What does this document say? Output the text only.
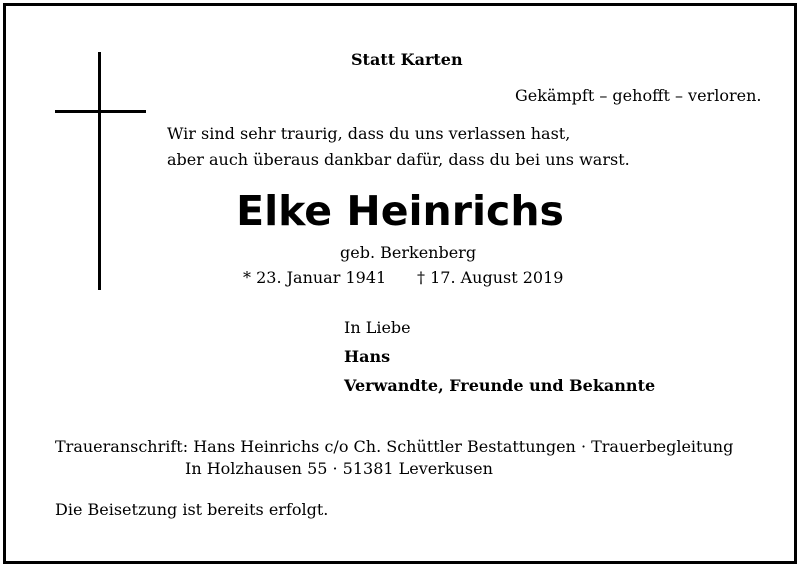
Statt Karten
Gekämpft – gehofft – verloren.
Wir sind sehr traurig, dass du uns verlassen hast,
aber auch überaus dankbar dafür, dass du bei uns warst.
Elke Heinrichs
geb. Berkenberg
* 23. Januar 1941 † 17. August 2019
In Liebe
Hans
Verwandte, Freunde und Bekannte
Traueranschrift: Hans Heinrichs c/o Ch. Schüttler Bestattungen · Trauerbegleitung
In Holzhausen 55 · 51381 Leverkusen
Die Beisetzung ist bereits erfolgt.
